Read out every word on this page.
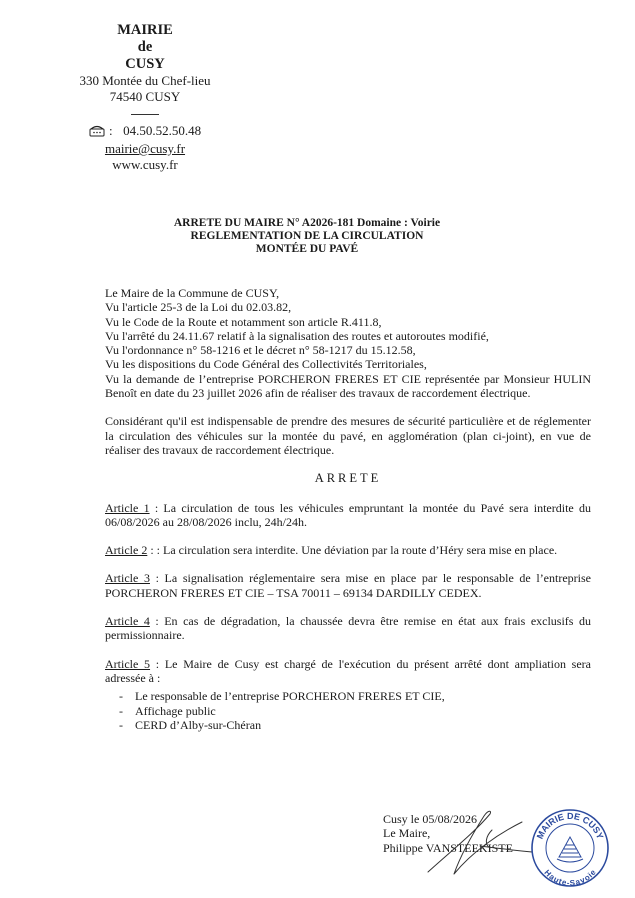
MAIRIE
de
CUSY
330 Montée du Chef-lieu
74540 CUSY
: 04.50.52.50.48
mairie@cusy.fr
www.cusy.fr
ARRETE DU MAIRE N° A2026-181 Domaine : Voirie
REGLEMENTATION DE LA CIRCULATION
MONTÉE DU PAVÉ

Le Maire de la Commune de CUSY,

Vu l'article 25-3 de la Loi du 02.03.82,

Vu le Code de la Route et notamment son article R.411.8,

Vu l'arrêté du 24.11.67 relatif à la signalisation des routes et autoroutes modifié,

Vu l'ordonnance n° 58-1216 et le décret n° 58-1217 du 15.12.58,

Vu les dispositions du Code Général des Collectivités Territoriales,

Vu la demande de l’entreprise PORCHERON FRERES ET CIE représentée par Monsieur HULIN Benoît en date du 23 juillet 2026 afin de réaliser des travaux de raccordement électrique.

Considérant qu'il est indispensable de prendre des mesures de sécurité particulière et de réglementer la circulation des véhicules sur la montée du pavé, en agglomération (plan ci-joint), en vue de réaliser des travaux de raccordement électrique.

ARRETE

Article 1 : La circulation de tous les véhicules empruntant la montée du Pavé sera interdite du 06/08/2026 au 28/08/2026 inclu, 24h/24h.

Article 2 : : La circulation sera interdite. Une déviation par la route d’Héry sera mise en place.

Article 3 : La signalisation réglementaire sera mise en place par le responsable de l’entreprise PORCHERON FRERES ET CIE – TSA 70011 – 69134 DARDILLY CEDEX.

Article 4 : En cas de dégradation, la chaussée devra être remise en état aux frais exclusifs du permissionnaire.

Article 5 : Le Maire de Cusy est chargé de l'exécution du présent arrêté dont ampliation sera adressée à :

- Le responsable de l’entreprise PORCHERON FRERES ET CIE,
- Affichage public
- CERD d’Alby-sur-Chéran
Cusy le 05/08/2026
Le Maire,
Philippe VANSTEEKISTE
MAIRIE DE CUSY
Haute-Savoie
